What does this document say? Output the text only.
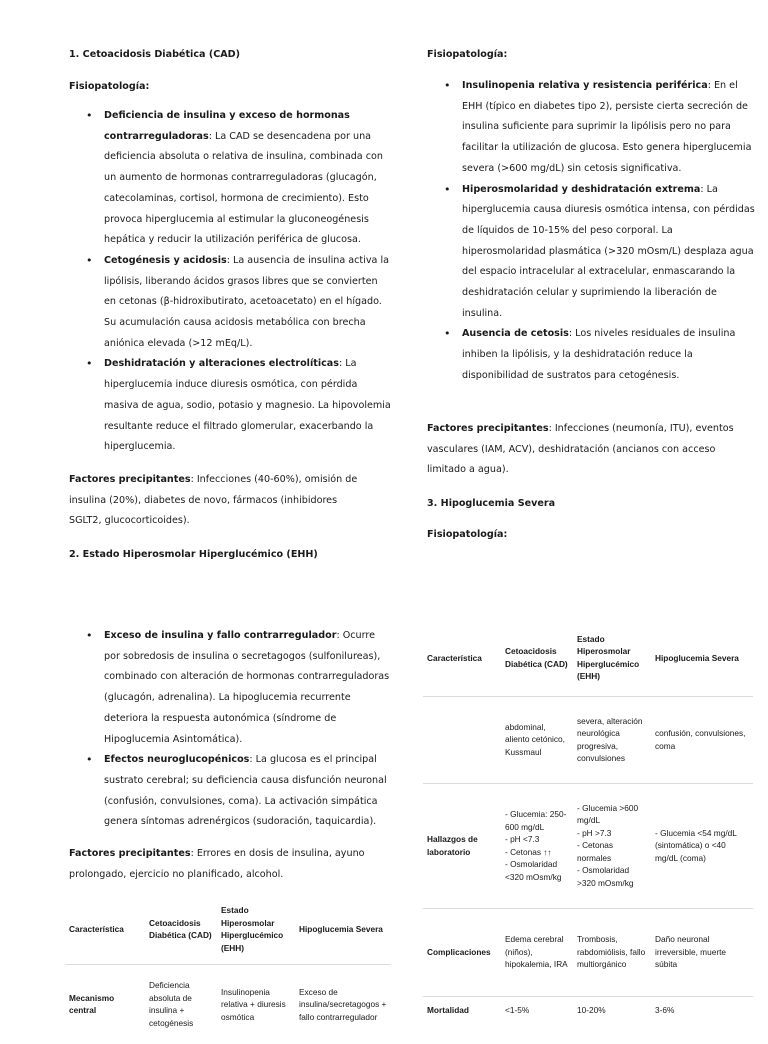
1. Cetoacidosis Diabética (CAD)
Fisiopatología:
• Deficiencia de insulina y exceso de hormonas contrarreguladoras: La CAD se desencadena por una deficiencia absoluta o relativa de insulina, combinada con un aumento de hormonas contrarreguladoras (glucagón, catecolaminas, cortisol, hormona de crecimiento). Esto provoca hiperglucemia al estimular la gluconeogénesis hepática y reducir la utilización periférica de glucosa.
• Cetogénesis y acidosis: La ausencia de insulina activa la lipólisis, liberando ácidos grasos libres que se convierten en cetonas (β-hidroxibutirato, acetoacetato) en el hígado. Su acumulación causa acidosis metabólica con brecha aniónica elevada (>12 mEq/L).
• Deshidratación y alteraciones electrolíticas: La hiperglucemia induce diuresis osmótica, con pérdida masiva de agua, sodio, potasio y magnesio. La hipovolemia resultante reduce el filtrado glomerular, exacerbando la hiperglucemia.
Factores precipitantes: Infecciones (40-60%), omisión de insulina (20%), diabetes de novo, fármacos (inhibidores SGLT2, glucocorticoides).
2. Estado Hiperosmolar Hiperglucémico (EHH)
• Exceso de insulina y fallo contrarregulador: Ocurre por sobredosis de insulina o secretagogos (sulfonilureas), combinado con alteración de hormonas contrarreguladoras (glucagón, adrenalina). La hipoglucemia recurrente deteriora la respuesta autonómica (síndrome de Hipoglucemia Asintomática).
• Efectos neuroglucopénicos: La glucosa es el principal sustrato cerebral; su deficiencia causa disfunción neuronal (confusión, convulsiones, coma). La activación simpática genera síntomas adrenérgicos (sudoración, taquicardia).
Factores precipitantes: Errores en dosis de insulina, ayuno prolongado, ejercicio no planificado, alcohol.
Característica	Cetoacidosis Diabética (CAD)	Estado Hiperosmolar Hiperglucémico (EHH)	Hipoglucemia Severa
Mecanismo central	Deficiencia absoluta de insulina + cetogénesis	Insulinopenia relativa + diuresis osmótica	Exceso de insulina/secretagogos + fallo contrarregulador
Fisiopatología:
• Insulinopenia relativa y resistencia periférica: En el EHH (típico en diabetes tipo 2), persiste cierta secreción de insulina suficiente para suprimir la lipólisis pero no para facilitar la utilización de glucosa. Esto genera hiperglucemia severa (>600 mg/dL) sin cetosis significativa.
• Hiperosmolaridad y deshidratación extrema: La hiperglucemia causa diuresis osmótica intensa, con pérdidas de líquidos de 10-15% del peso corporal. La hiperosmolaridad plasmática (>320 mOsm/L) desplaza agua del espacio intracelular al extracelular, enmascarando la deshidratación celular y suprimiendo la liberación de insulina.
• Ausencia de cetosis: Los niveles residuales de insulina inhiben la lipólisis, y la deshidratación reduce la disponibilidad de sustratos para cetogénesis.
Factores precipitantes: Infecciones (neumonía, ITU), eventos vasculares (IAM, ACV), deshidratación (ancianos con acceso limitado a agua).
3. Hipoglucemia Severa
Fisiopatología:
Característica	Cetoacidosis Diabética (CAD)	Estado Hiperosmolar Hiperglucémico (EHH)	Hipoglucemia Severa
	abdominal, aliento cetónico, Kussmaul	severa, alteración neurológica progresiva, convulsiones	confusión, convulsiones, coma
Hallazgos de laboratorio	- Glucemia: 250-600 mg/dL
- pH <7.3
- Cetonas ↑↑
- Osmolaridad <320 mOsm/kg	- Glucemia >600 mg/dL
- pH >7.3
- Cetonas normales
- Osmolaridad >320 mOsm/kg	- Glucemia <54 mg/dL (sintomática) o <40 mg/dL (coma)
Complicaciones	Edema cerebral (niños), hipokalemia, IRA	Trombosis, rabdomiólisis, fallo multiorgánico	Daño neuronal irreversible, muerte súbita
Mortalidad	<1-5%	10-20%	3-6%
